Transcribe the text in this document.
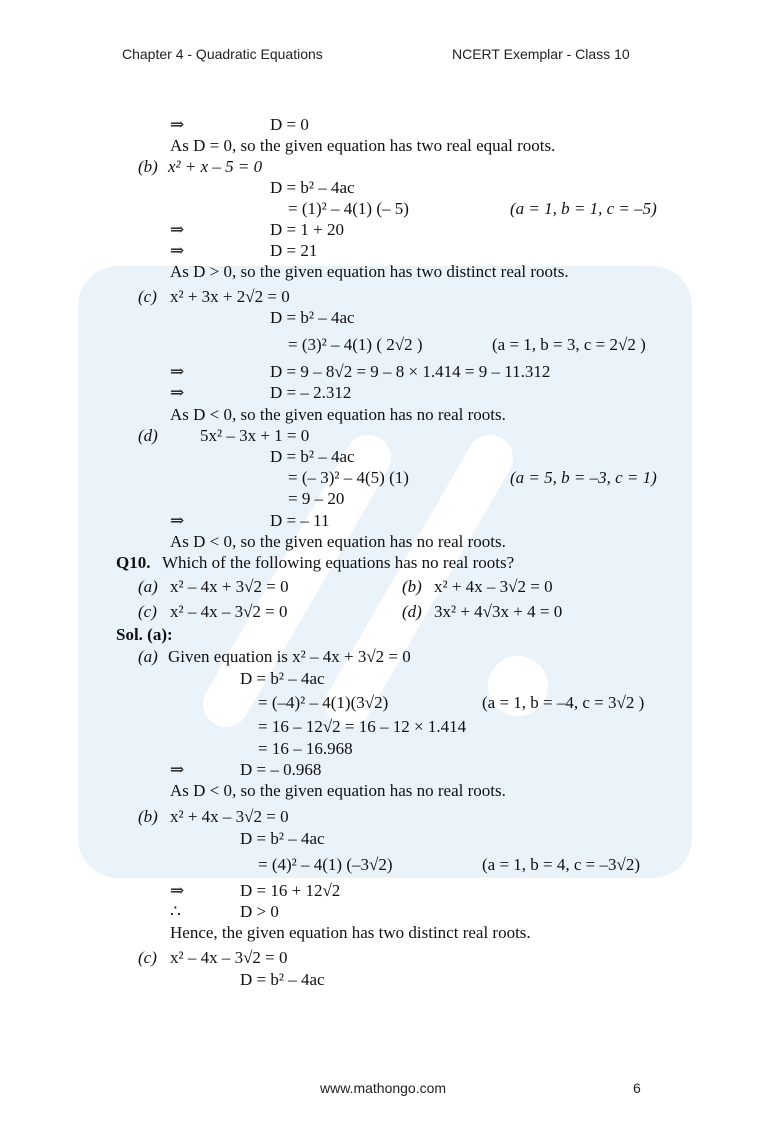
Chapter 4 - Quadratic Equations	NCERT Exemplar - Class 10
⇒	D = 0
As D = 0, so the given equation has two real equal roots.
(b) x² + x – 5 = 0
D = b² – 4ac
= (1)² – 4(1) (– 5)	(a = 1, b = 1, c = –5)
⇒	D = 1 + 20
⇒	D = 21
As D > 0, so the given equation has two distinct real roots.
(c) x² + 3x + 2√2 = 0
D = b² – 4ac
= (3)² – 4(1) ( 2√2 )	(a = 1, b = 3, c = 2√2 )
⇒	D = 9 – 8√2 = 9 – 8 × 1.414 = 9 – 11.312
⇒	D = – 2.312
As D < 0, so the given equation has no real roots.
(d) 5x² – 3x + 1 = 0
D = b² – 4ac
= (– 3)² – 4(5) (1)	(a = 5, b = –3, c = 1)
= 9 – 20
⇒	D = – 11
As D < 0, so the given equation has no real roots.
Q10. Which of the following equations has no real roots?
(a) x² – 4x + 3√2 = 0	(b) x² + 4x – 3√2 = 0
(c) x² – 4x – 3√2 = 0	(d) 3x² + 4√3x + 4 = 0
Sol. (a):
(a) Given equation is x² – 4x + 3√2 = 0
D = b² – 4ac
= (–4)² – 4(1)(3√2)	(a = 1, b = –4, c = 3√2 )
= 16 – 12√2 = 16 – 12 × 1.414
= 16 – 16.968
⇒	D = – 0.968
As D < 0, so the given equation has no real roots.
(b) x² + 4x – 3√2 = 0
D = b² – 4ac
= (4)² – 4(1) (–3√2)	(a = 1, b = 4, c = –3√2)
⇒	D = 16 + 12√2
∴	D > 0
Hence, the given equation has two distinct real roots.
(c) x² – 4x – 3√2 = 0
D = b² – 4ac
www.mathongo.com	6
